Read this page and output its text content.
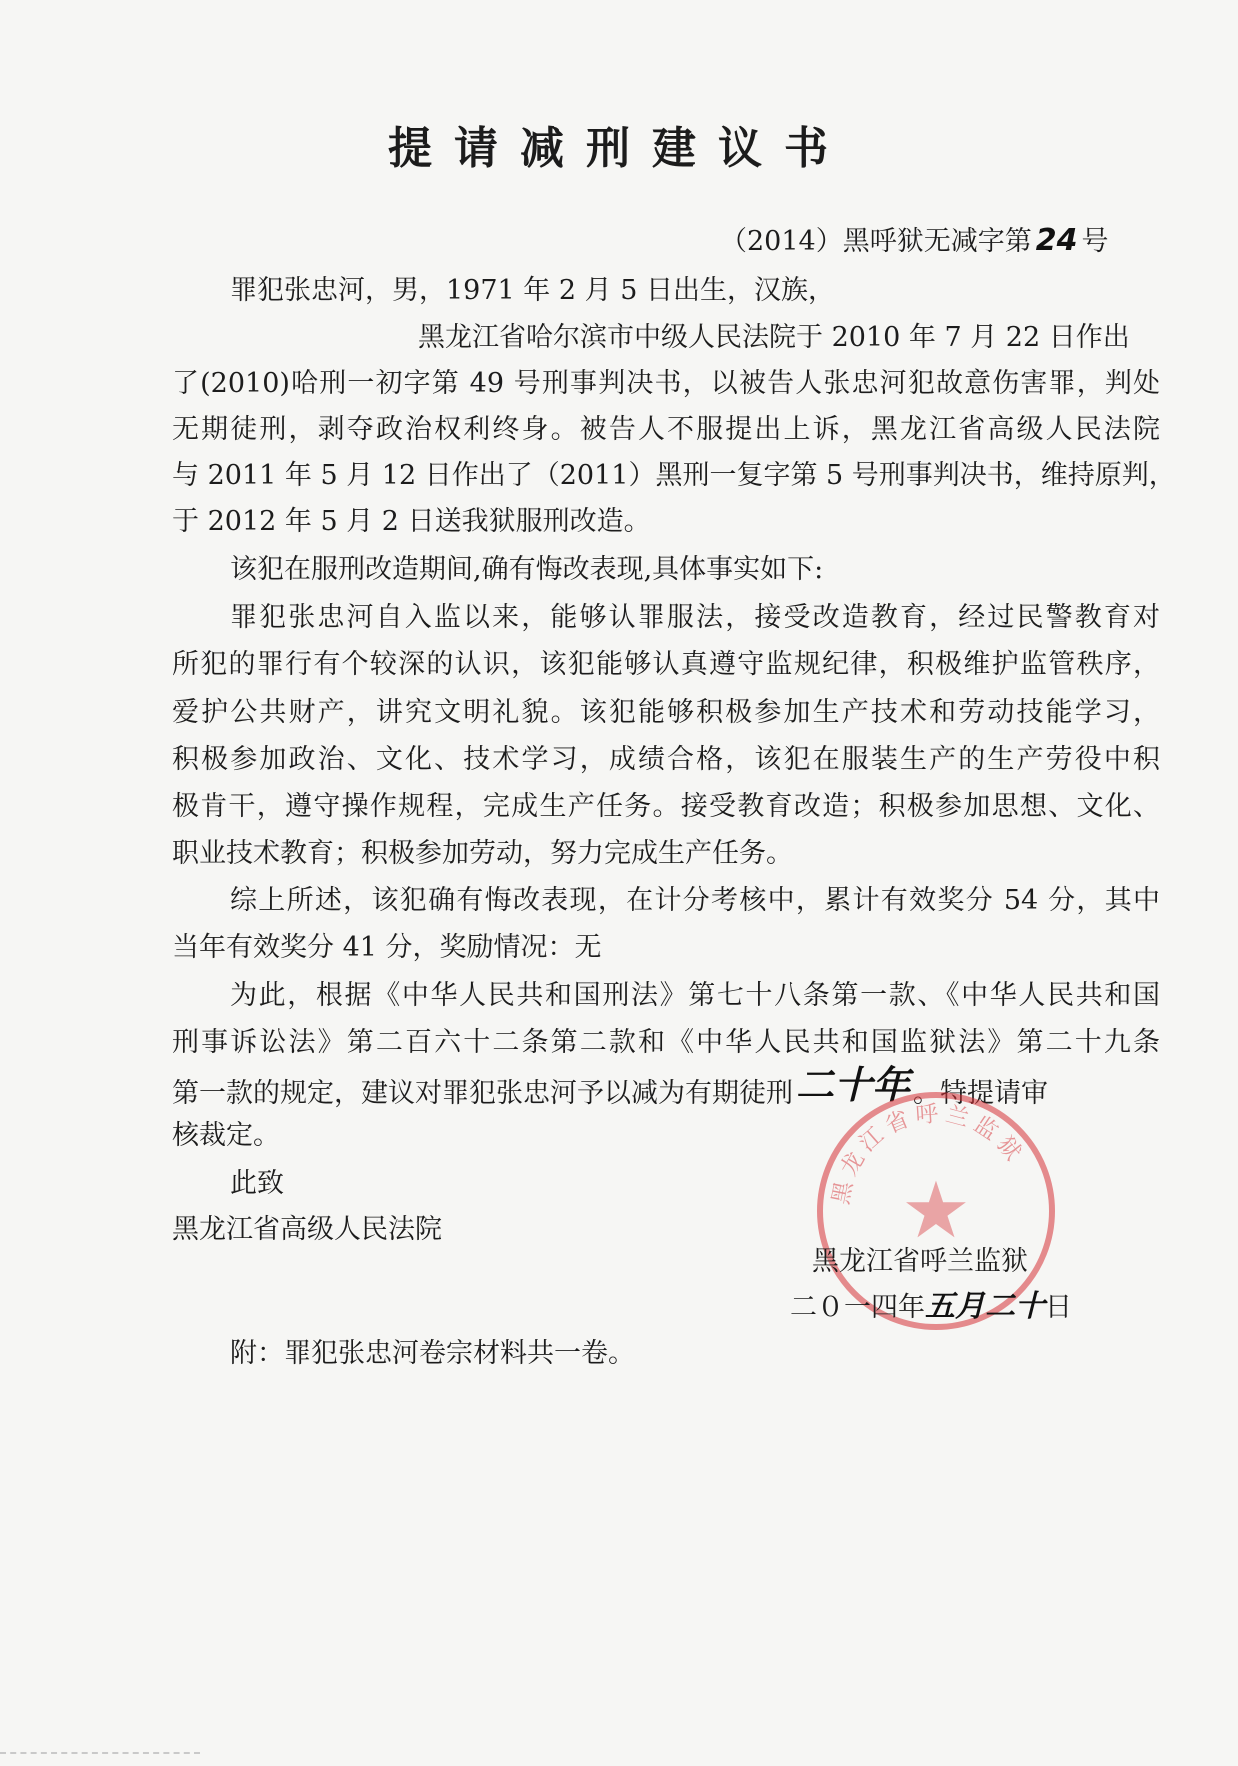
提请减刑建议书
（2014）黑呼狱无减字第 24 号
罪犯张忠河，男，1971 年 2 月 5 日出生，汉族，
黑龙江省哈尔滨市中级人民法院于 2010 年 7 月 22 日作出
了(2010)哈刑一初字第 49 号刑事判决书，以被告人张忠河犯故意伤害罪，判处
无期徒刑，剥夺政治权利终身。被告人不服提出上诉，黑龙江省高级人民法院
与 2011 年 5 月 12 日作出了（2011）黑刑一复字第 5 号刑事判决书，维持原判，
于 2012 年 5 月 2 日送我狱服刑改造。
该犯在服刑改造期间,确有悔改表现,具体事实如下:
罪犯张忠河自入监以来，能够认罪服法，接受改造教育，经过民警教育对
所犯的罪行有个较深的认识，该犯能够认真遵守监规纪律，积极维护监管秩序，
爱护公共财产，讲究文明礼貌。该犯能够积极参加生产技术和劳动技能学习，
积极参加政治、文化、技术学习，成绩合格，该犯在服装生产的生产劳役中积
极肯干，遵守操作规程，完成生产任务。接受教育改造；积极参加思想、文化、
职业技术教育；积极参加劳动，努力完成生产任务。
综上所述，该犯确有悔改表现，在计分考核中，累计有效奖分 54 分，其中
当年有效奖分 41 分，奖励情况：无
为此，根据《中华人民共和国刑法》第七十八条第一款、《中华人民共和国
刑事诉讼法》第二百六十二条第二款和《中华人民共和国监狱法》第二十九条
第一款的规定，建议对罪犯张忠河予以减为有期徒刑二十年 。特提请审
核裁定。
此致
黑龙江省高级人民法院
黑龙江省呼兰监狱
★
黑龙江省呼兰监狱
二０一四年五月二十日
附：罪犯张忠河卷宗材料共一卷。
